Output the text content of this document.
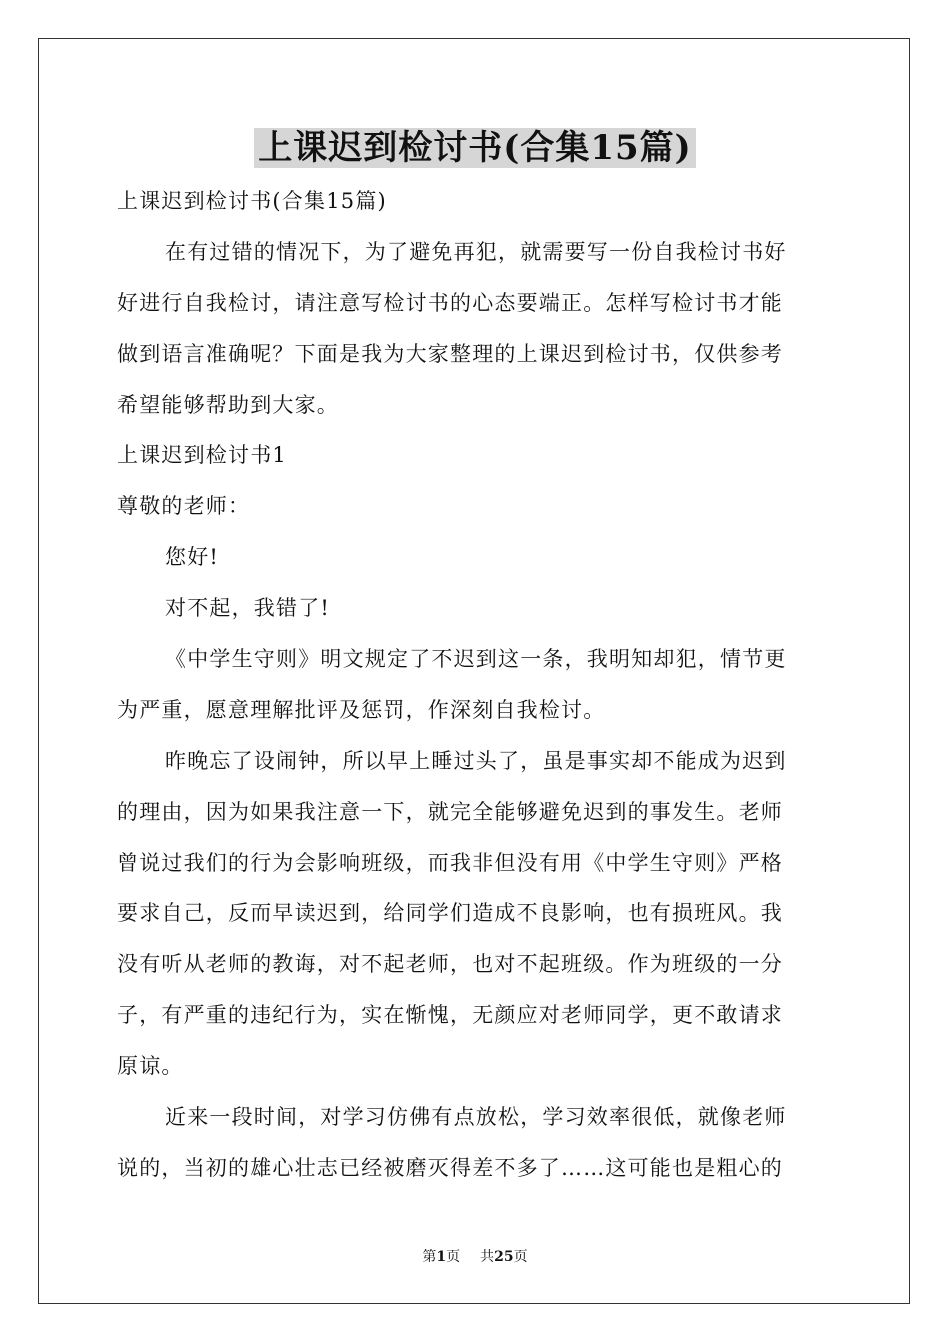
上课迟到检讨书(合集15篇)

上课迟到检讨书(合集15篇)

在有过错的情况下，为了避免再犯，就需要写一份自我检讨书好

好进行自我检讨，请注意写检讨书的心态要端正。怎样写检讨书才能

做到语言准确呢？下面是我为大家整理的上课迟到检讨书，仅供参考

希望能够帮助到大家。

上课迟到检讨书1

尊敬的老师：

您好!

对不起，我错了!

《中学生守则》明文规定了不迟到这一条，我明知却犯，情节更

为严重，愿意理解批评及惩罚，作深刻自我检讨。

昨晚忘了设闹钟，所以早上睡过头了，虽是事实却不能成为迟到

的理由，因为如果我注意一下，就完全能够避免迟到的事发生。老师

曾说过我们的行为会影响班级，而我非但没有用《中学生守则》严格

要求自己，反而早读迟到，给同学们造成不良影响，也有损班风。我

没有听从老师的教诲，对不起老师，也对不起班级。作为班级的一分

子，有严重的违纪行为，实在惭愧，无颜应对老师同学，更不敢请求

原谅。

近来一段时间，对学习仿佛有点放松，学习效率很低，就像老师

说的，当初的雄心壮志已经被磨灭得差不多了……这可能也是粗心的

第1页 共25页
